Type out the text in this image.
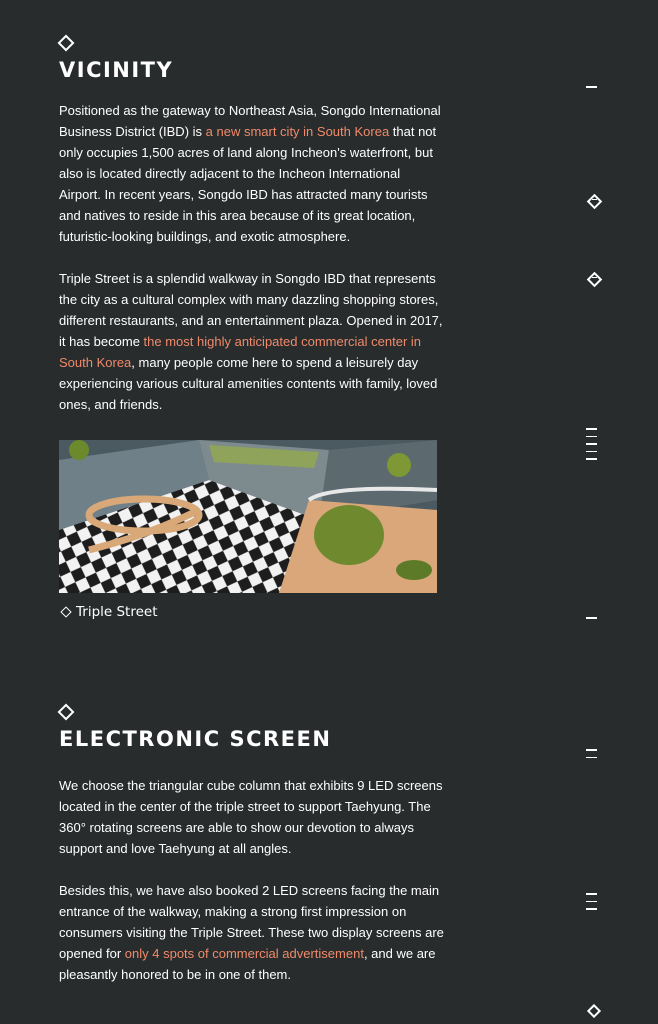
VICINITY

Positioned as the gateway to Northeast Asia, Songdo International Business District (IBD) is a new smart city in South Korea that not only occupies 1,500 acres of land along Incheon's waterfront, but also is located directly adjacent to the Incheon International Airport. In recent years, Songdo IBD has attracted many tourists and natives to reside in this area because of its great location, futuristic-looking buildings, and exotic atmosphere.

Triple Street is a splendid walkway in Songdo IBD that represents the city as a cultural complex with many dazzling shopping stores, different restaurants, and an entertainment plaza. Opened in 2017, it has become the most highly anticipated commercial center in South Korea, many people come here to spend a leisurely day experiencing various cultural amenities contents with family, loved ones, and friends.

Triple Street
ELECTRONIC SCREEN

We choose the triangular cube column that exhibits 9 LED screens located in the center of the triple street to support Taehyung. The 360° rotating screens are able to show our devotion to always support and love Taehyung at all angles.

Besides this, we have also booked 2 LED screens facing the main entrance of the walkway, making a strong first impression on consumers visiting the Triple Street. These two display screens are opened for only 4 spots of commercial advertisement, and we are pleasantly honored to be in one of them.
